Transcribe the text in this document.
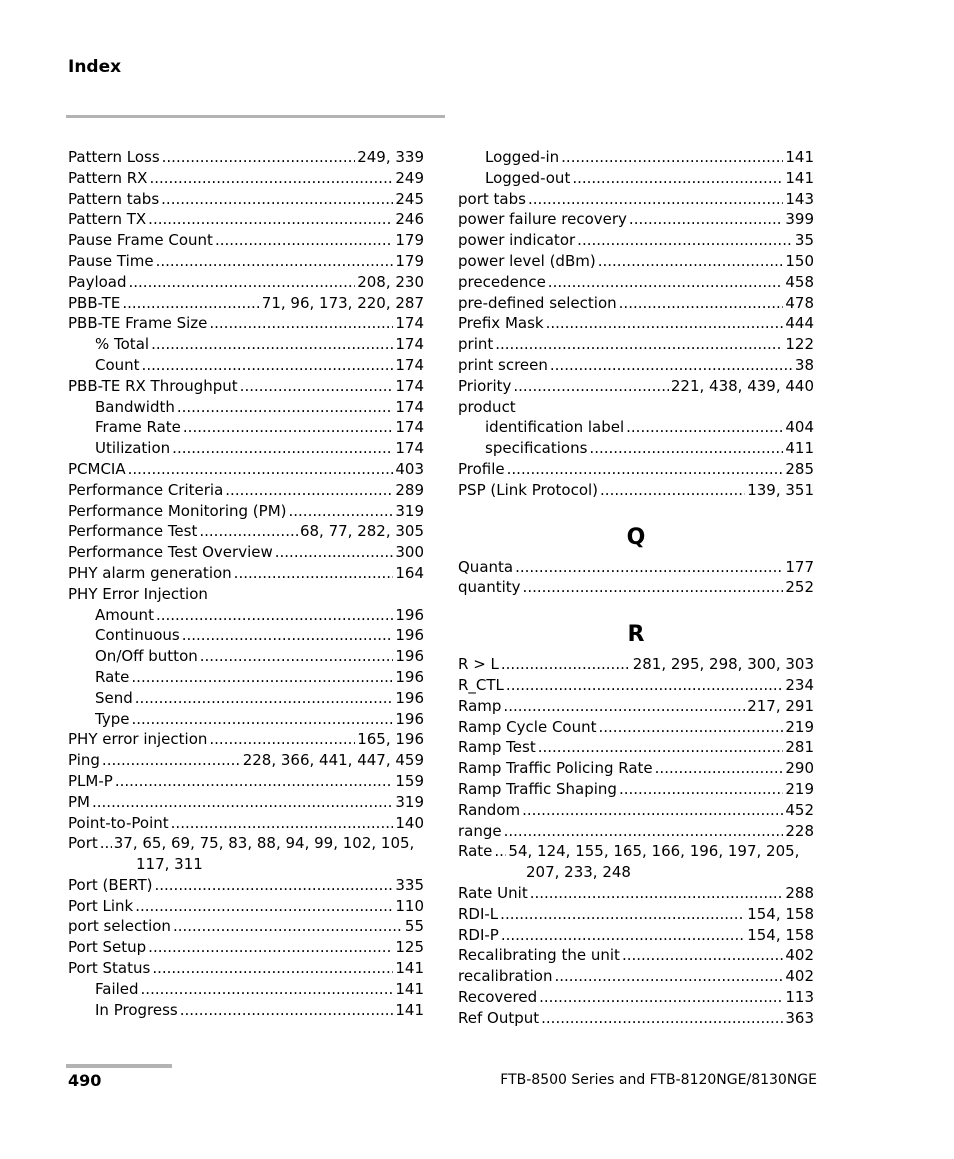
Index
Pattern Loss .....	249, 339
Pattern RX .....	249
Pattern tabs .....	245
Pattern TX .....	246
Pause Frame Count .....	179
Pause Time .....	179
Payload .....	208, 230
PBB-TE .....	71, 96, 173, 220, 287
PBB-TE Frame Size .....	174
% Total .....	174
Count .....	174
PBB-TE RX Throughput .....	174
Bandwidth .....	174
Frame Rate .....	174
Utilization .....	174
PCMCIA .....	403
Performance Criteria .....	289
Performance Monitoring (PM) .....	319
Performance Test .....	68, 77, 282, 305
Performance Test Overview .....	300
PHY alarm generation .....	164
PHY Error Injection
Amount .....	196
Continuous .....	196
On/Off button .....	196
Rate .....	196
Send .....	196
Type .....	196
PHY error injection .....	165, 196
Ping .....	228, 366, 441, 447, 459
PLM-P .....	159
PM .....	319
Point-to-Point .....	140
Port ..... 37, 65, 69, 75, 83, 88, 94, 99, 102, 105,
117, 311
Port (BERT) .....	335
Port Link .....	110
port selection .....	55
Port Setup .....	125
Port Status .....	141
Failed .....	141
In Progress .....	141
Logged-in .....	141
Logged-out .....	141
port tabs .....	143
power failure recovery .....	399
power indicator .....	35
power level (dBm) .....	150
precedence .....	458
pre-defined selection .....	478
Prefix Mask .....	444
print .....	122
print screen .....	38
Priority .....	221, 438, 439, 440
product
identification label .....	404
specifications .....	411
Profile .....	285
PSP (Link Protocol) .....	139, 351
Q
Quanta .....	177
quantity .....	252
R
R > L .....	281, 295, 298, 300, 303
R_CTL .....	234
Ramp .....	217, 291
Ramp Cycle Count .....	219
Ramp Test .....	281
Ramp Traffic Policing Rate .....	290
Ramp Traffic Shaping .....	219
Random .....	452
range .....	228
Rate ..... 54, 124, 155, 165, 166, 196, 197, 205,
207, 233, 248
Rate Unit .....	288
RDI-L .....	154, 158
RDI-P .....	154, 158
Recalibrating the unit .....	402
recalibration .....	402
Recovered .....	113
Ref Output .....	363
490	FTB-8500 Series and FTB-8120NGE/8130NGE
